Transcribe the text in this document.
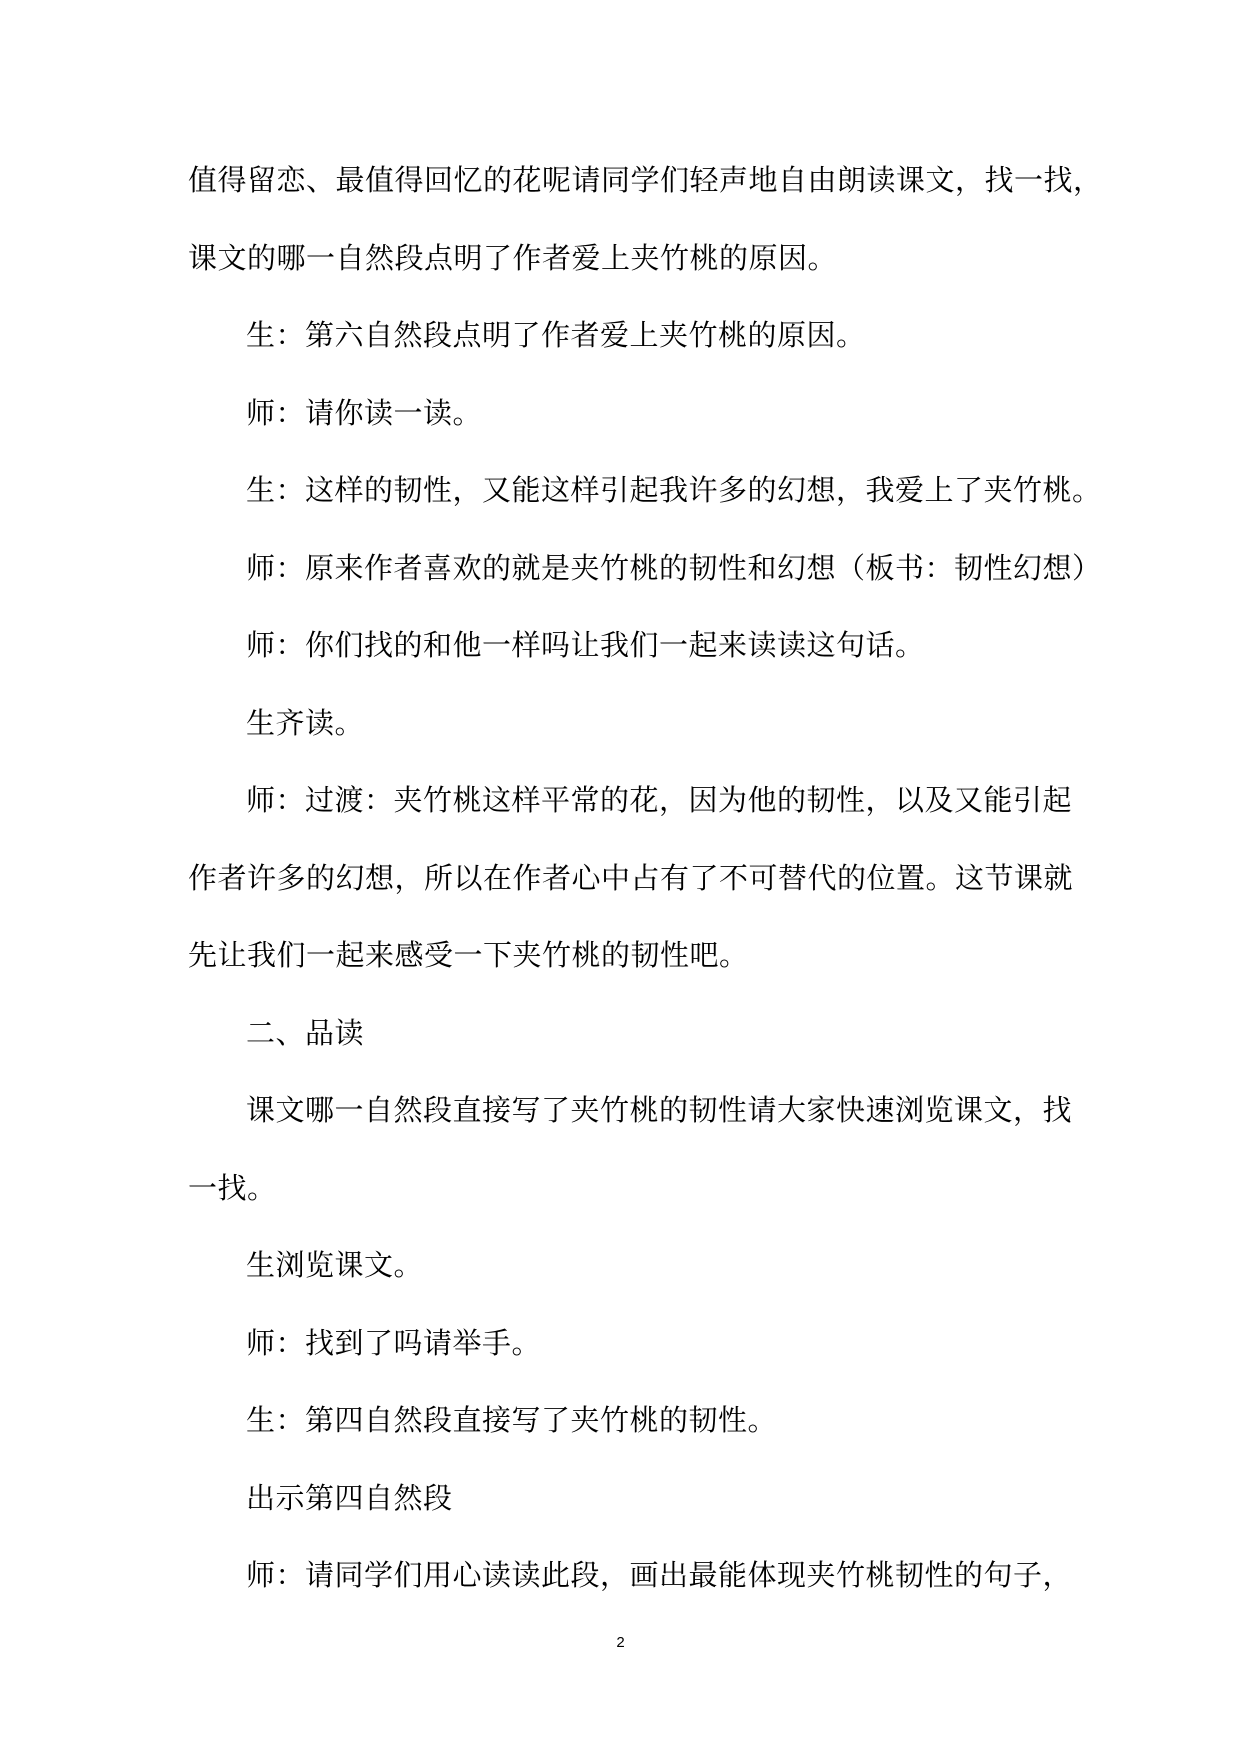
值得留恋、最值得回忆的花呢请同学们轻声地自由朗读课文，找一找，

课文的哪一自然段点明了作者爱上夹竹桃的原因。

生：第六自然段点明了作者爱上夹竹桃的原因。

师：请你读一读。

生：这样的韧性，又能这样引起我许多的幻想，我爱上了夹竹桃。

师：原来作者喜欢的就是夹竹桃的韧性和幻想（板书：韧性幻想）

师：你们找的和他一样吗让我们一起来读读这句话。

生齐读。

师：过渡：夹竹桃这样平常的花，因为他的韧性，以及又能引起

作者许多的幻想，所以在作者心中占有了不可替代的位置。这节课就

先让我们一起来感受一下夹竹桃的韧性吧。

二、品读

课文哪一自然段直接写了夹竹桃的韧性请大家快速浏览课文，找

一找。

生浏览课文。

师：找到了吗请举手。

生：第四自然段直接写了夹竹桃的韧性。

出示第四自然段

师：请同学们用心读读此段，画出最能体现夹竹桃韧性的句子，

2
